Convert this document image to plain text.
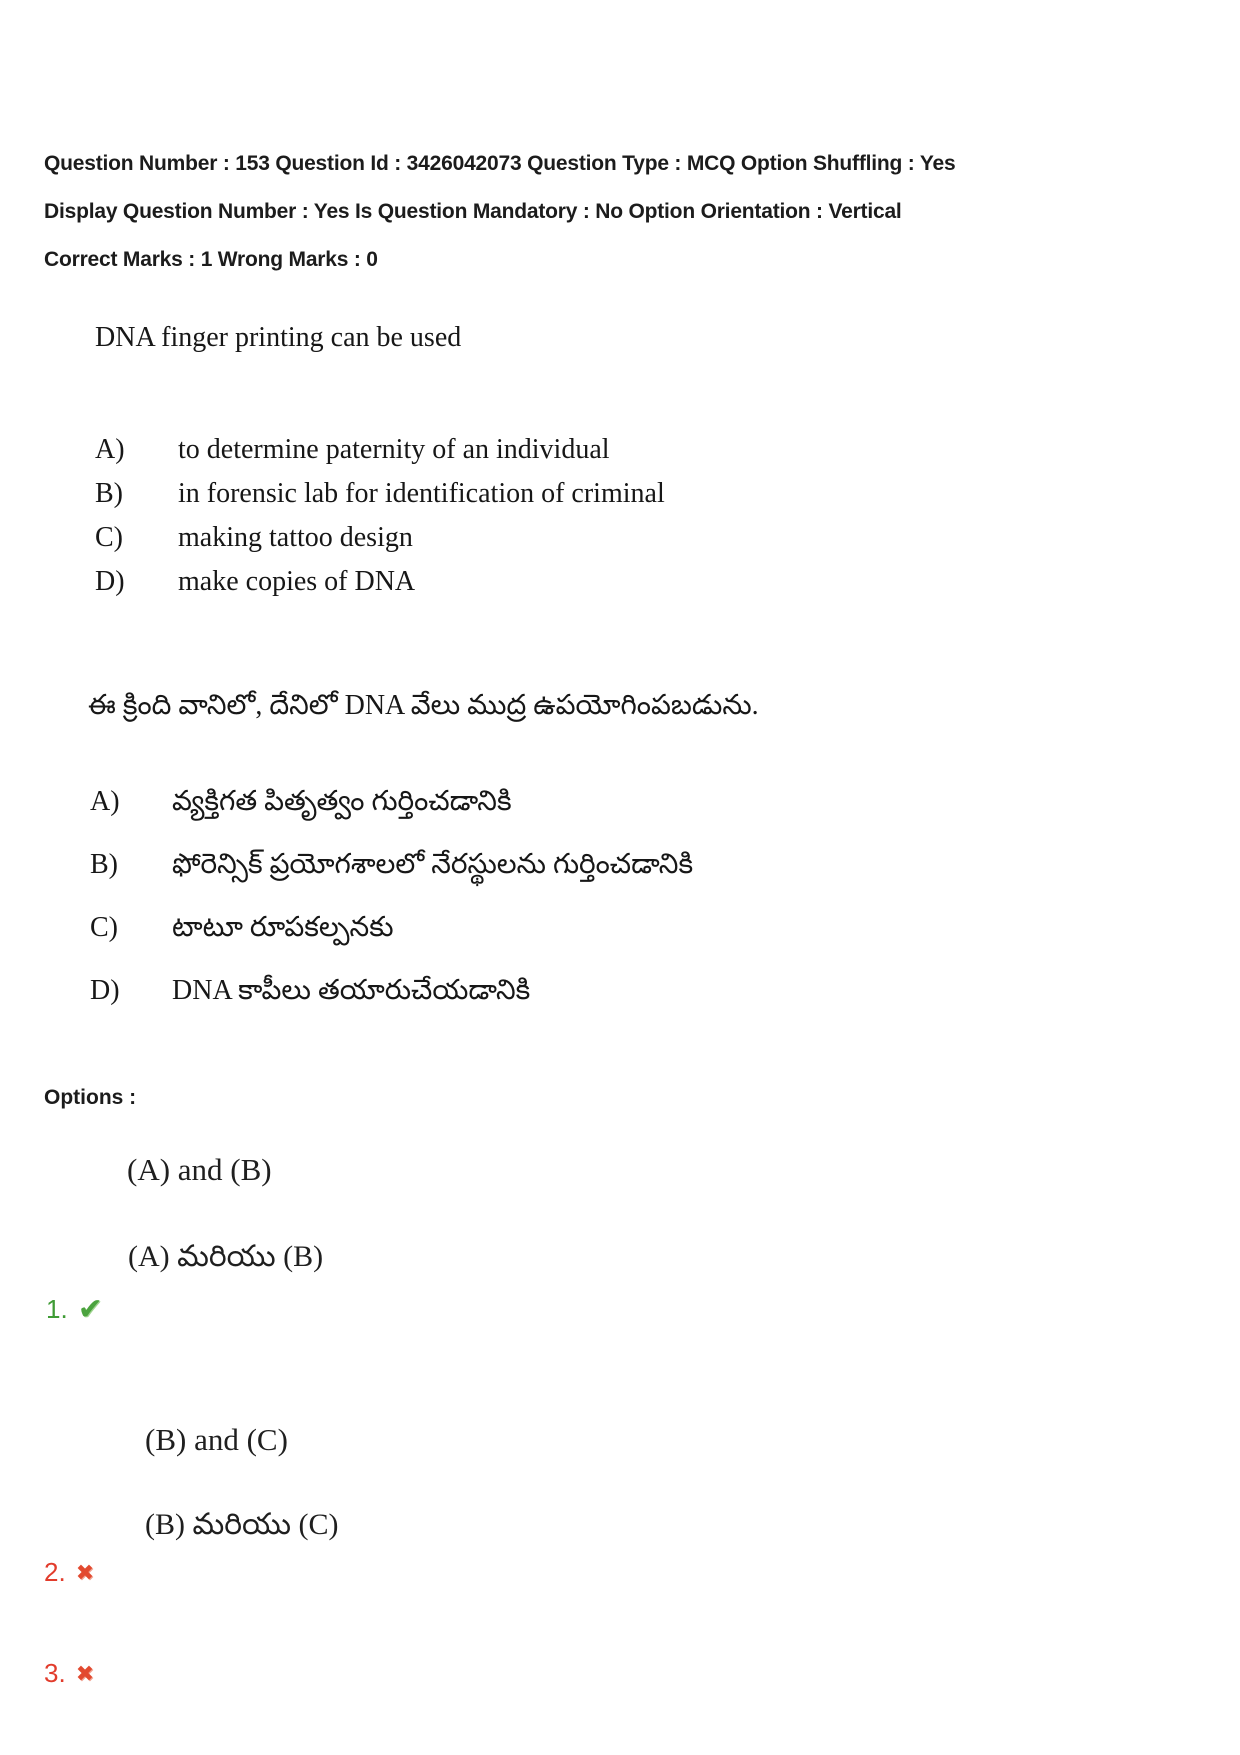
Question Number : 153 Question Id : 3426042073 Question Type : MCQ Option Shuffling : Yes
Display Question Number : Yes Is Question Mandatory : No Option Orientation : Vertical
Correct Marks : 1 Wrong Marks : 0
DNA finger printing can be used
A)	to determine paternity of an individual
B)	in forensic lab for identification of criminal
C)	making tattoo design
D)	make copies of DNA
ఈ క్రింది వానిలో, దేనిలో DNA వేలు ముద్ర ఉపయోగింపబడును.
A)	వ్యక్తిగత పితృత్వం గుర్తించడానికి
B)	ఫోరెన్సిక్ ప్రయోగశాలలో నేరస్థులను గుర్తించడానికి
C)	టాటూ రూపకల్పనకు
D)	DNA కాపీలు తయారుచేయడానికి
Options :
(A) and (B)
(A) మరియు (B)
1. ✔
(B) and (C)
(B) మరియు (C)
2. ✖
3. ✖
